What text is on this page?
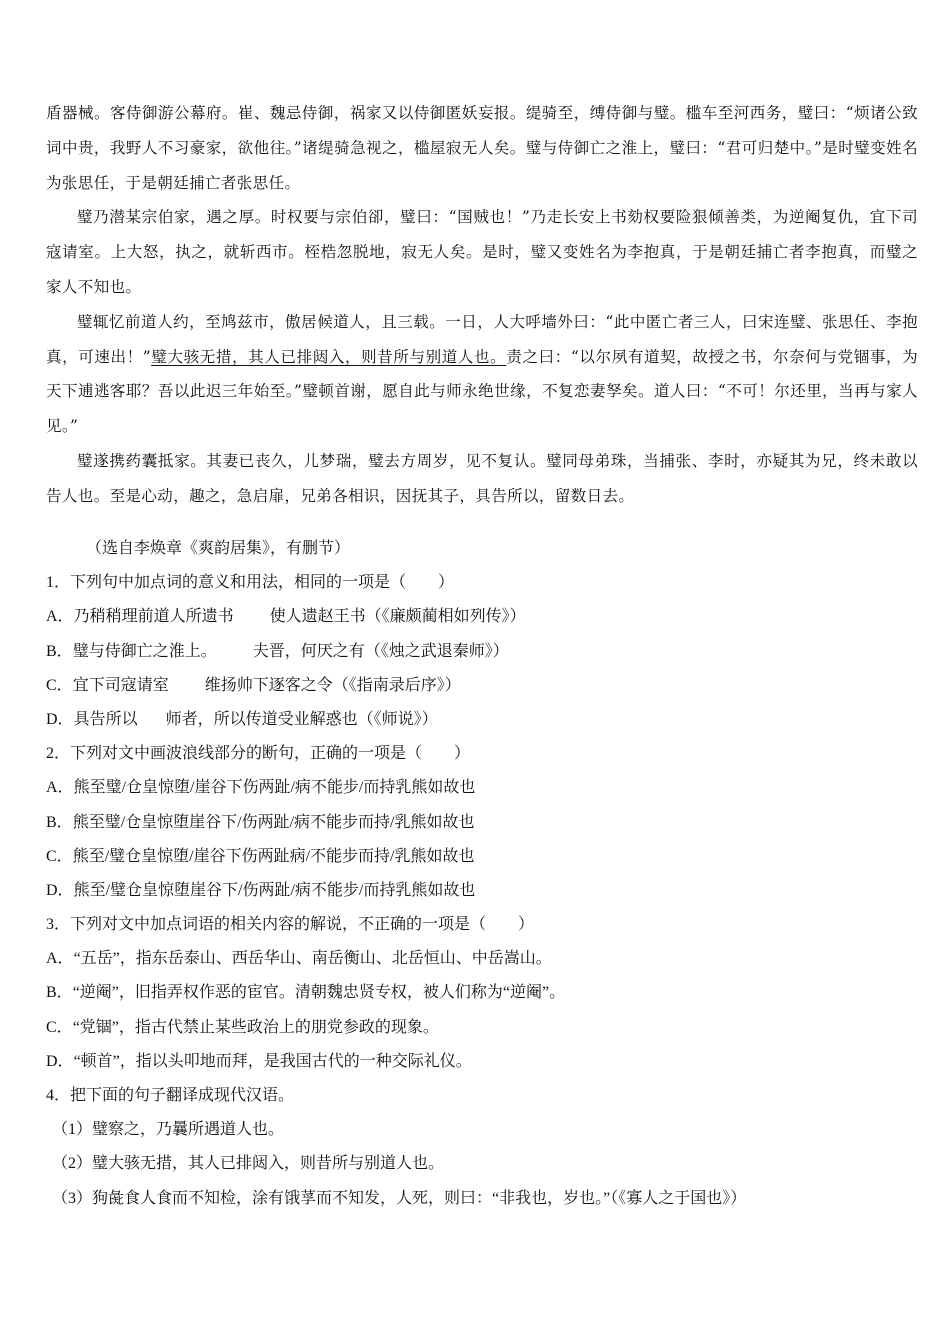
盾器械。客侍御游公幕府。崔、魏忌侍御，祸家又以侍御匿妖妄报。缇骑至，缚侍御与璧。槛车至河西务，璧曰：“烦诸公致词中贵，我野人不习豪家，欲他往。”诸缇骑急视之，槛屋寂无人矣。璧与侍御亡之淮上，璧曰：“君可归楚中。”是时璧变姓名为张思任，于是朝廷捕亡者张思任。

璧乃潜某宗伯家，遇之厚。时权要与宗伯卻，璧曰：“国贼也！”乃走长安上书劾权要险狠倾善类，为逆阉复仇，宜下司寇请室。上大怒，执之，就斩西市。桎梏忽脱地，寂无人矣。是时，璧又变姓名为李抱真，于是朝廷捕亡者李抱真，而璧之家人不知也。

璧辄忆前道人约，至鸠兹市，傲居候道人，且三载。一日，人大呼墙外曰：“此中匿亡者三人，曰宋连璧、张思任、李抱真，可速出！”璧大骇无措，其人已排闼入，则昔所与别道人也。责之曰：“以尔夙有道契，故授之书，尔奈何与党锢事，为天下逋逃客耶？吾以此迟三年始至。”璧顿首谢，愿自此与师永绝世缘，不复恋妻孥矣。道人曰：“不可！尔还里，当再与家人见。”

璧遂携药囊抵家。其妻已丧久，儿梦瑞，璧去方周岁，见不复认。璧同母弟珠，当捕张、李时，亦疑其为兄，终未敢以告人也。至是心动，趣之，急启扉，兄弟各相识，因抚其子，具告所以，留数日去。

（选自李焕章《爽韵居集》，有删节）
1．下列句中加点词的意义和用法，相同的一项是（　　）
A．乃稍稍理前道人所遗书 使人遗赵王书（《廉颇蔺相如列传》）
B．璧与侍御亡之淮上。 夫晋，何厌之有（《烛之武退秦师》）
C．宜下司寇请室 维扬帅下逐客之令（《指南录后序》）
D．具告所以 师者，所以传道受业解惑也（《师说》）
2．下列对文中画波浪线部分的断句，正确的一项是（　　）
A．熊至璧/仓皇惊堕/崖谷下伤两趾/病不能步/而持乳熊如故也
B．熊至璧/仓皇惊堕崖谷下/伤两趾/病不能步而持/乳熊如故也
C．熊至/璧仓皇惊堕/崖谷下伤两趾病/不能步而持/乳熊如故也
D．熊至/璧仓皇惊堕崖谷下/伤两趾/病不能步/而持乳熊如故也
3．下列对文中加点词语的相关内容的解说，不正确的一项是（　　）
A．“五岳”，指东岳泰山、西岳华山、南岳衡山、北岳恒山、中岳嵩山。
B．“逆阉”，旧指弄权作恶的宦官。清朝魏忠贤专权，被人们称为“逆阉”。
C．“党锢”，指古代禁止某些政治上的朋党参政的现象。
D．“顿首”，指以头叩地而拜，是我国古代的一种交际礼仪。
4．把下面的句子翻译成现代汉语。
（1）璧察之，乃曩所遇道人也。
（2）璧大骇无措，其人已排闼入，则昔所与别道人也。
（3）狗彘食人食而不知检，涂有饿莩而不知发，人死，则曰：“非我也，岁也。”（《寡人之于国也》）
